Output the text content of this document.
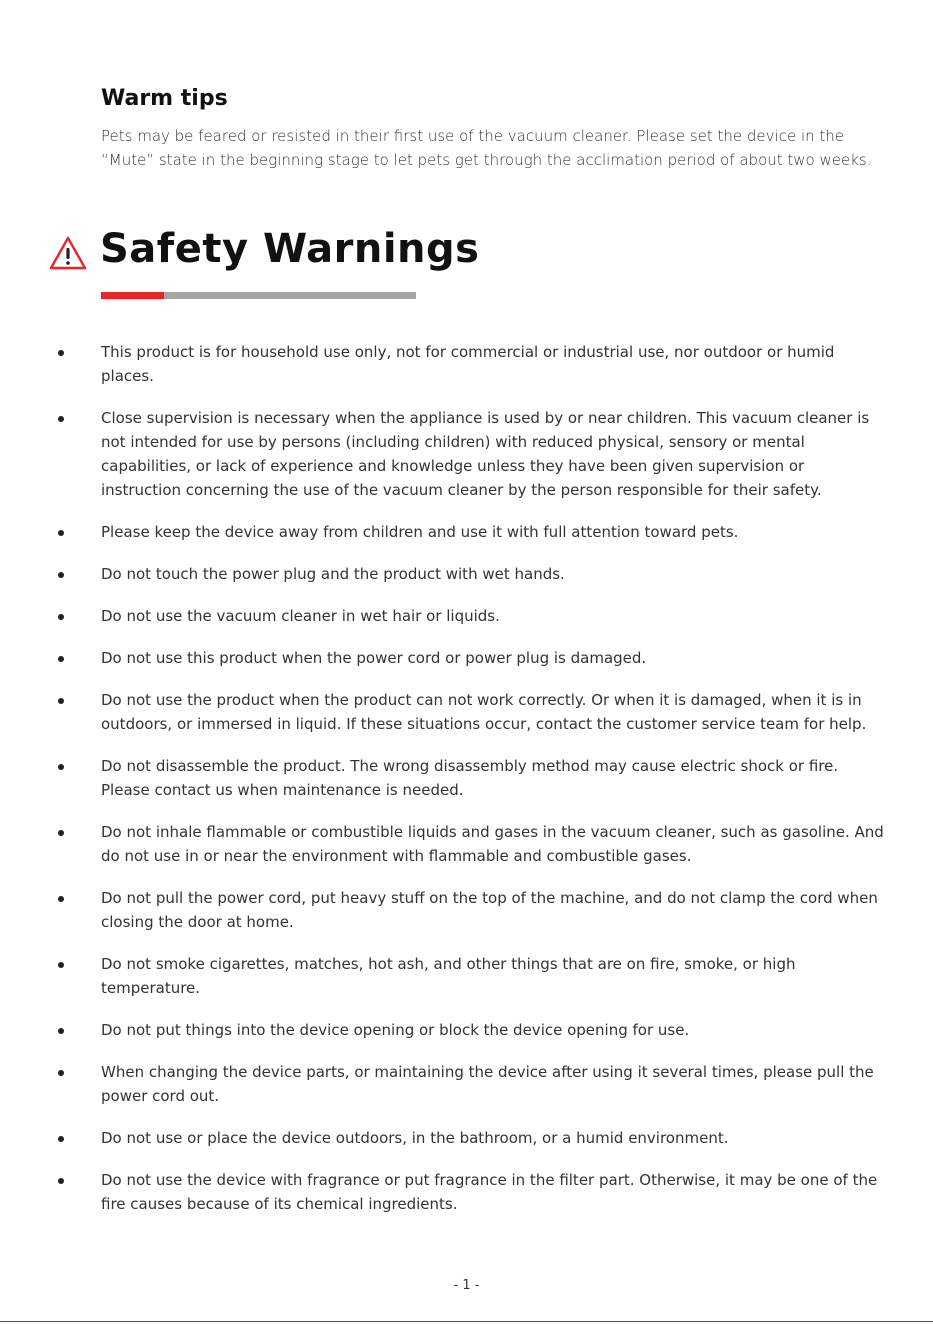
Warm tips

Pets may be feared or resisted in their first use of the vacuum cleaner. Please set the device in the “Mute” state in the beginning stage to let pets get through the acclimation period of about two weeks.

Safety Warnings
This product is for household use only, not for commercial or industrial use, nor outdoor or humid places.
Close supervision is necessary when the appliance is used by or near children. This vacuum cleaner is not intended for use by persons (including children) with reduced physical, sensory or mental capabilities, or lack of experience and knowledge unless they have been given supervision or instruction concerning the use of the vacuum cleaner by the person responsible for their safety.
Please keep the device away from children and use it with full attention toward pets.
Do not touch the power plug and the product with wet hands.
Do not use the vacuum cleaner in wet hair or liquids.
Do not use this product when the power cord or power plug is damaged.
Do not use the product when the product can not work correctly. Or when it is damaged, when it is in outdoors, or immersed in liquid. If these situations occur, contact the customer service team for help.
Do not disassemble the product. The wrong disassembly method may cause electric shock or fire. Please contact us when maintenance is needed.
Do not inhale flammable or combustible liquids and gases in the vacuum cleaner, such as gasoline. And do not use in or near the environment with flammable and combustible gases.
Do not pull the power cord, put heavy stuff on the top of the machine, and do not clamp the cord when closing the door at home.
Do not smoke cigarettes, matches, hot ash, and other things that are on fire, smoke, or high temperature.
Do not put things into the device opening or block the device opening for use.
When changing the device parts, or maintaining the device after using it several times, please pull the power cord out.
Do not use or place the device outdoors, in the bathroom, or a humid environment.
Do not use the device with fragrance or put fragrance in the filter part. Otherwise, it may be one of the fire causes because of its chemical ingredients.
- 1 -
